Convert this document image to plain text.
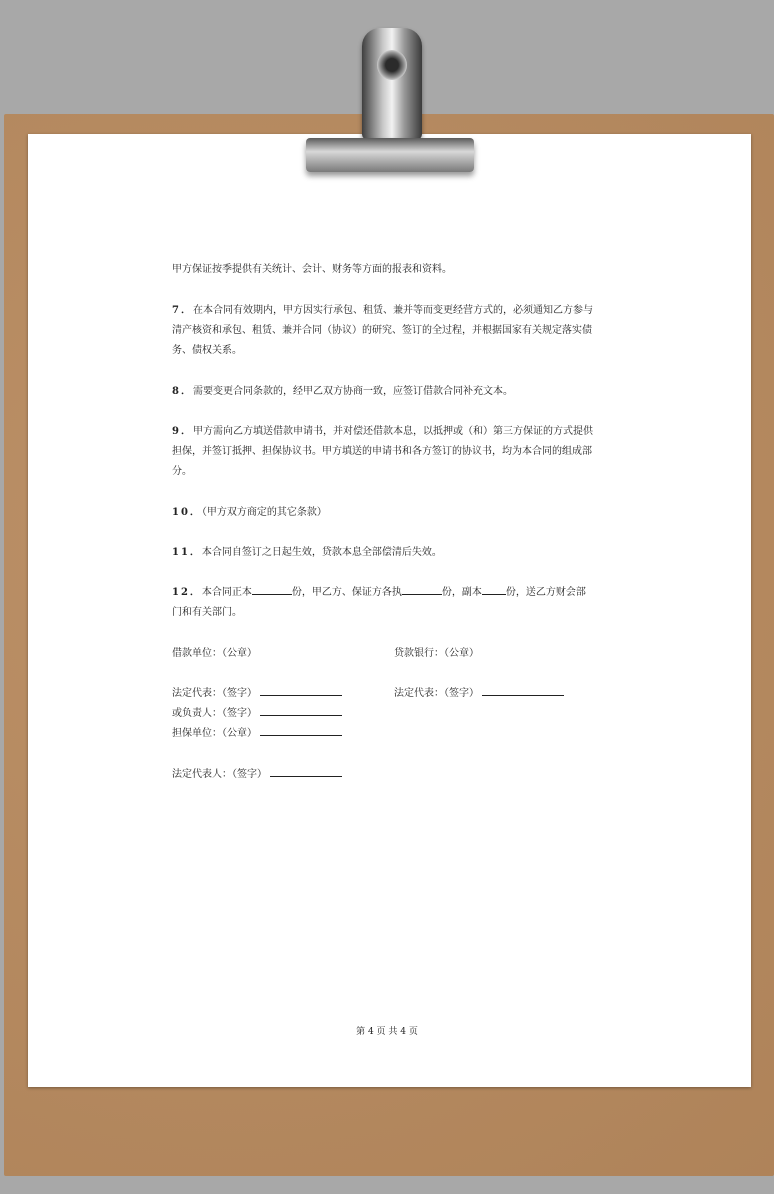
甲方保证按季提供有关统计、会计、财务等方面的报表和资料。
7．在本合同有效期内，甲方因实行承包、租赁、兼并等而变更经营方式的，必须通知乙方参与
清产核资和承包、租赁、兼并合同（协议）的研究、签订的全过程，并根据国家有关规定落实债
务、债权关系。
8．需要变更合同条款的，经甲乙双方协商一致，应签订借款合同补充文本。
9．甲方需向乙方填送借款申请书，并对偿还借款本息，以抵押或（和）第三方保证的方式提供
担保，并签订抵押、担保协议书。甲方填送的申请书和各方签订的协议书，均为本合同的组成部
分。
10．（甲方双方商定的其它条款）
11．本合同自签订之日起生效，贷款本息全部偿清后失效。
12．本合同正本	份，甲乙方、保证方各执	份，副本 份，送乙方财会部
门和有关部门。
借款单位：（公章）	贷款银行：（公章）
法定代表：（签字）	法定代表：（签字）
或负责人：（签字）
担保单位：（公章）
法定代表人：（签字）
第 4 页 共 4 页
